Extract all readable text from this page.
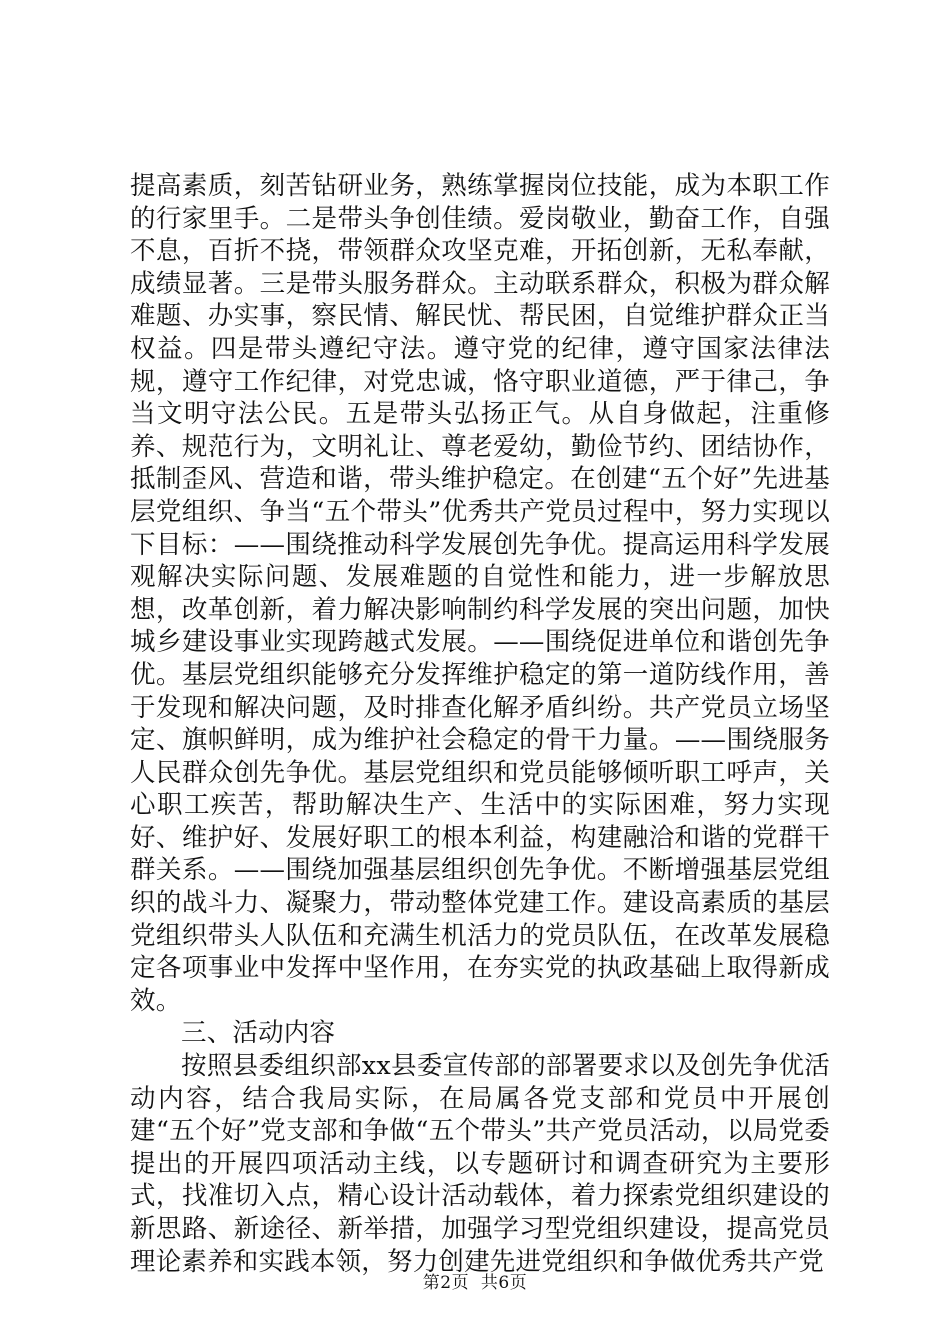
提高素质，刻苦钻研业务，熟练掌握岗位技能，成为本职工作的行家里手。二是带头争创佳绩。爱岗敬业，勤奋工作，自强不息，百折不挠，带领群众攻坚克难，开拓创新，无私奉献，成绩显著。三是带头服务群众。主动联系群众，积极为群众解难题、办实事，察民情、解民忧、帮民困，自觉维护群众正当权益。四是带头遵纪守法。遵守党的纪律，遵守国家法律法规，遵守工作纪律，对党忠诚，恪守职业道德，严于律己，争当文明守法公民。五是带头弘扬正气。从自身做起，注重修养、规范行为，文明礼让、尊老爱幼，勤俭节约、团结协作，抵制歪风、营造和谐，带头维护稳定。在创建“五个好”先进基层党组织、争当“五个带头”优秀共产党员过程中，努力实现以下目标：——围绕推动科学发展创先争优。提高运用科学发展观解决实际问题、发展难题的自觉性和能力，进一步解放思想，改革创新，着力解决影响制约科学发展的突出问题，加快城乡建设事业实现跨越式发展。——围绕促进单位和谐创先争优。基层党组织能够充分发挥维护稳定的第一道防线作用，善于发现和解决问题，及时排查化解矛盾纠纷。共产党员立场坚定、旗帜鲜明，成为维护社会稳定的骨干力量。——围绕服务人民群众创先争优。基层党组织和党员能够倾听职工呼声，关心职工疾苦，帮助解决生产、生活中的实际困难，努力实现好、维护好、发展好职工的根本利益，构建融洽和谐的党群干群关系。——围绕加强基层组织创先争优。不断增强基层党组织的战斗力、凝聚力，带动整体党建工作。建设高素质的基层党组织带头人队伍和充满生机活力的党员队伍，在改革发展稳定各项事业中发挥中坚作用，在夯实党的执政基础上取得新成效。

三、活动内容

按照县委组织部xx县委宣传部的部署要求以及创先争优活动内容，结合我局实际，在局属各党支部和党员中开展创建“五个好”党支部和争做“五个带头”共产党员活动，以局党委提出的开展四项活动主线，以专题研讨和调查研究为主要形式，找准切入点，精心设计活动载体，着力探索党组织建设的新思路、新途径、新举措，加强学习型党组织建设，提高党员理论素养和实践本领，努力创建先进党组织和争做优秀共产党

第2页 共6页
